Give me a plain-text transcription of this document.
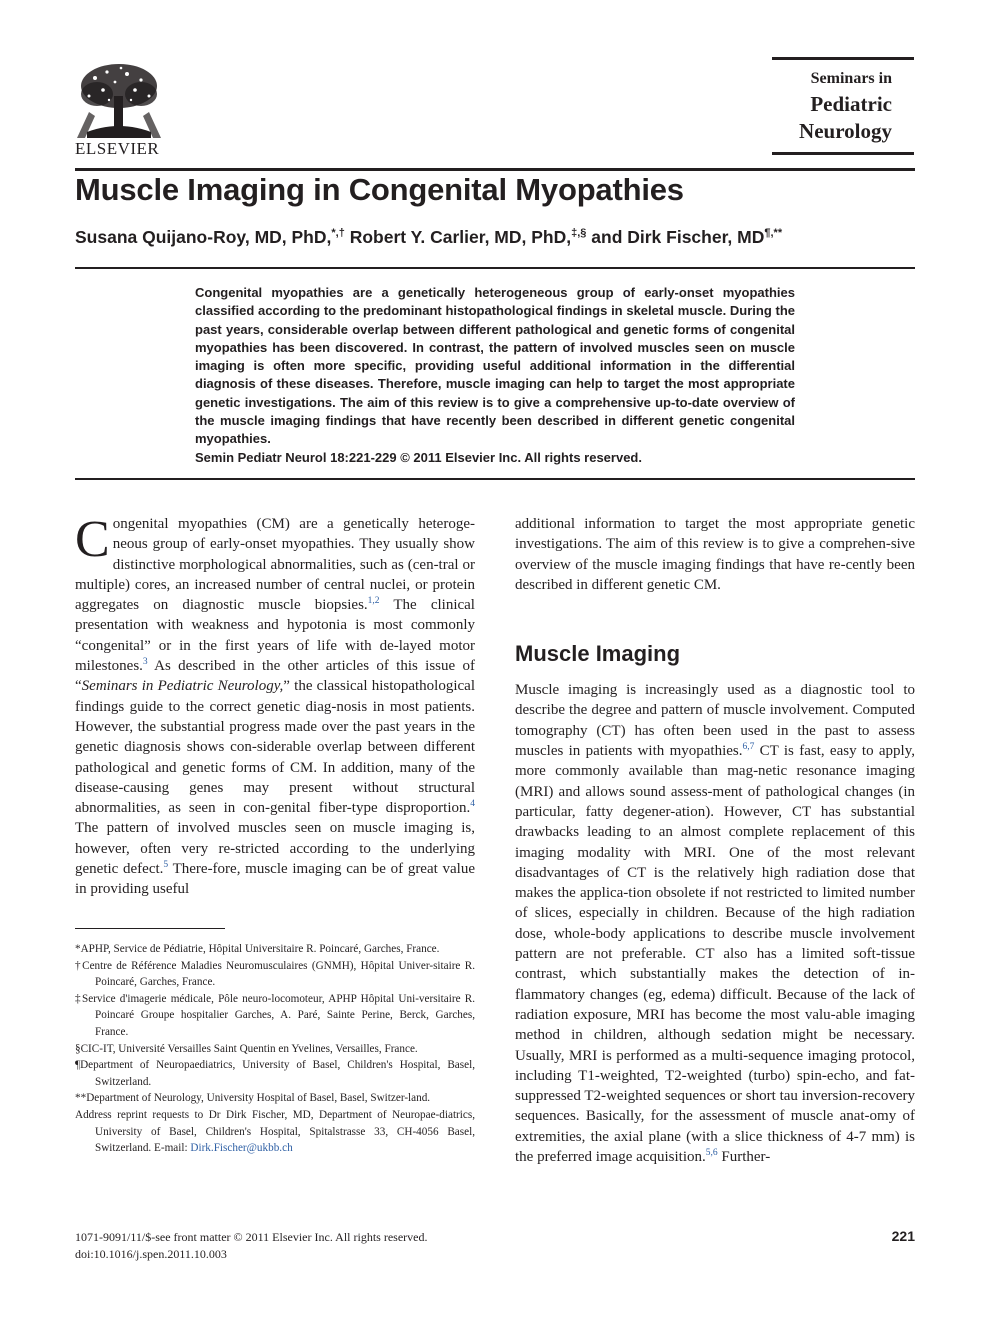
ELSEVIER
Seminars in
Pediatric
Neurology
Muscle Imaging in Congenital Myopathies
Susana Quijano-Roy, MD, PhD,*,† Robert Y. Carlier, MD, PhD,‡,§ and Dirk Fischer, MD¶,**

Congenital myopathies are a genetically heterogeneous group of early-onset myopathies classified according to the predominant histopathological findings in skeletal muscle. During the past years, considerable overlap between different pathological and genetic forms of congenital myopathies has been discovered. In contrast, the pattern of involved muscles seen on muscle imaging is often more specific, providing useful additional information in the differential diagnosis of these diseases. Therefore, muscle imaging can help to target the most appropriate genetic investigations. The aim of this review is to give a comprehensive up-to-date overview of the muscle imaging findings that have recently been described in different genetic congenital myopathies.

Semin Pediatr Neurol 18:221-229 © 2011 Elsevier Inc. All rights reserved.

Congenital myopathies (CM) are a genetically heteroge-neous group of early-onset myopathies. They usually show distinctive morphological abnormalities, such as (cen-tral or multiple) cores, an increased number of central nuclei, or protein aggregates on diagnostic muscle biopsies.$^{1,2}$ The clinical presentation with weakness and hypotonia is most commonly “congenital” or in the first years of life with de-layed motor milestones.$^3$ As described in the other articles of this issue of “Seminars in Pediatric Neurology,” the classical histopathological findings guide to the correct genetic diag-nosis in most patients. However, the substantial progress made over the past years in the genetic diagnosis shows con-siderable overlap between different pathological and genetic forms of CM. In addition, many of the disease-causing genes may present without structural abnormalities, as seen in con-genital fiber-type disproportion.$^4$ The pattern of involved muscles seen on muscle imaging is, however, often very re-stricted according to the underlying genetic defect.$^5$ There-fore, muscle imaging can be of great value in providing useful

additional information to target the most appropriate genetic investigations. The aim of this review is to give a comprehen-sive overview of the muscle imaging findings that have re-cently been described in different genetic CM.

Muscle Imaging

Muscle imaging is increasingly used as a diagnostic tool to describe the degree and pattern of muscle involvement. Computed tomography (CT) has often been used in the past to assess muscles in patients with myopathies.$^{6,7}$ CT is fast, easy to apply, more commonly available than mag-netic resonance imaging (MRI) and allows sound assess-ment of pathological changes (in particular, fatty degener-ation). However, CT has substantial drawbacks leading to an almost complete replacement of this imaging modality with MRI. One of the most relevant disadvantages of CT is the relatively high radiation dose that makes the applica-tion obsolete if not restricted to limited number of slices, especially in children. Because of the high radiation dose, whole-body applications to describe muscle involvement pattern are not preferable. CT also has a limited soft-tissue contrast, which substantially makes the detection of in-flammatory changes (eg, edema) difficult. Because of the lack of radiation exposure, MRI has become the most valu-able imaging method in children, although sedation might be necessary. Usually, MRI is performed as a multi-sequence imaging protocol, including T1-weighted, T2-weighted (turbo) spin-echo, and fat-suppressed T2-weighted sequences or short tau inversion-recovery sequences. Basically, for the assessment of muscle anat-omy of extremities, the axial plane (with a slice thickness of 4-7 mm) is the preferred image acquisition.$^{5,6}$ Further-

*APHP, Service de Pédiatrie, Hôpital Universitaire R. Poincaré, Garches, France.

†Centre de Référence Maladies Neuromusculaires (GNMH), Hôpital Univer-sitaire R. Poincaré, Garches, France.

‡Service d'imagerie médicale, Pôle neuro-locomoteur, APHP Hôpital Uni-versitaire R. Poincaré Groupe hospitalier Garches, A. Paré, Sainte Perine, Berck, Garches, France.

§CIC-IT, Université Versailles Saint Quentin en Yvelines, Versailles, France.

¶Department of Neuropaediatrics, University of Basel, Children's Hospital, Basel, Switzerland.

**Department of Neurology, University Hospital of Basel, Basel, Switzer-land.

Address reprint requests to Dr Dirk Fischer, MD, Department of Neuropae-diatrics, University of Basel, Children's Hospital, Spitalstrasse 33, CH-4056 Basel, Switzerland. E-mail: Dirk.Fischer@ukbb.ch

1071-9091/11/$-see front matter © 2011 Elsevier Inc. All rights reserved.
doi:10.1016/j.spen.2011.10.003
221
